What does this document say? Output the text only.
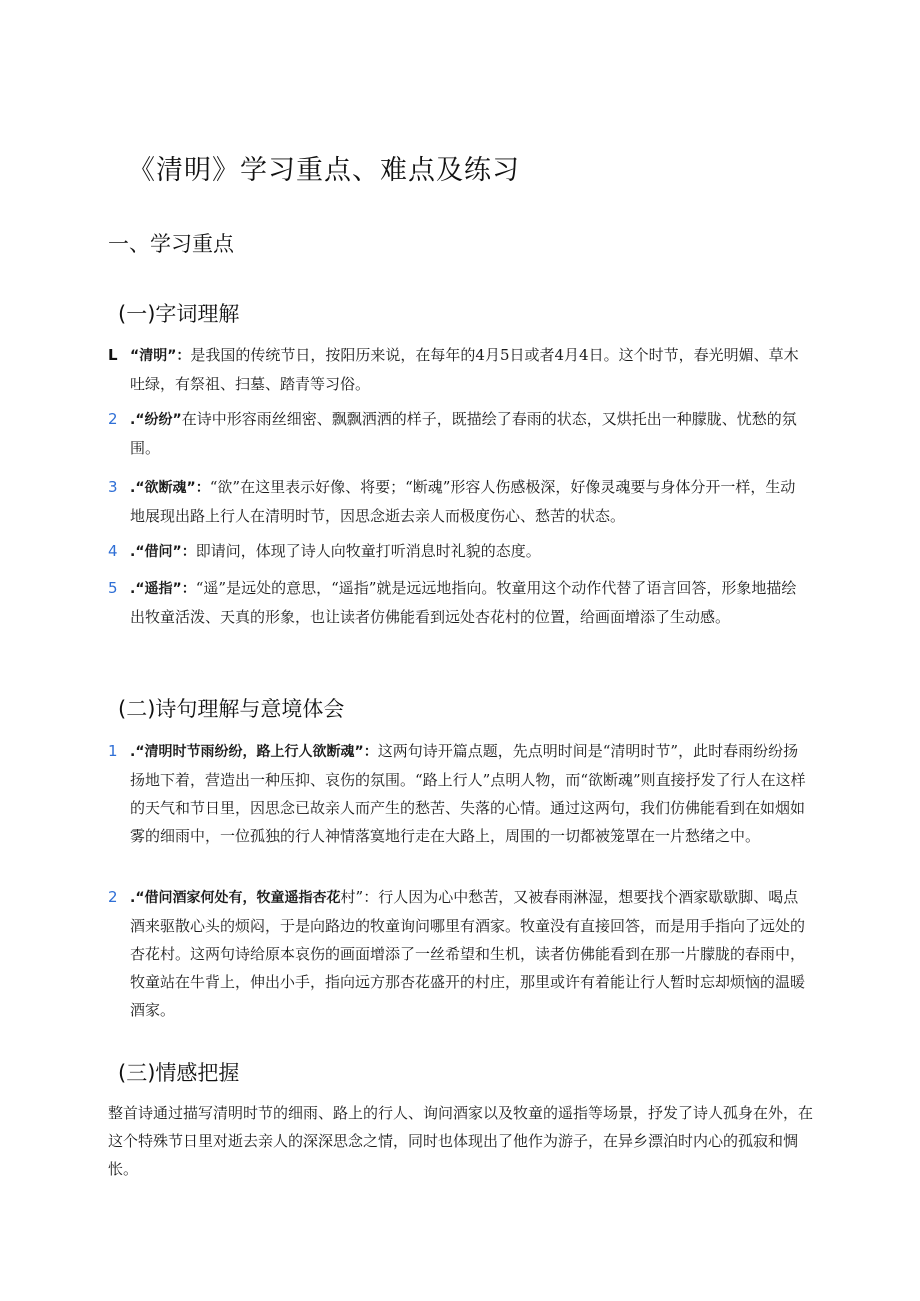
《清明》学习重点、难点及练习
一、学习重点
(一)字词理解
L “清明”：是我国的传统节日，按阳历来说，在每年的4月5日或者4月4日。这个时节，春光明媚、草木吐绿，有祭祖、扫墓、踏青等习俗。
2 .“纷纷”在诗中形容雨丝细密、飘飘洒洒的样子，既描绘了春雨的状态，又烘托出一种朦胧、忧愁的氛围。
3 .“欲断魂”：“欲”在这里表示好像、将要；“断魂”形容人伤感极深，好像灵魂要与身体分开一样，生动地展现出路上行人在清明时节，因思念逝去亲人而极度伤心、愁苦的状态。
4 .“借问”：即请问，体现了诗人向牧童打听消息时礼貌的态度。
5 .“遥指”：“遥”是远处的意思，“遥指”就是远远地指向。牧童用这个动作代替了语言回答，形象地描绘出牧童活泼、天真的形象，也让读者仿佛能看到远处杏花村的位置，给画面增添了生动感。
(二)诗句理解与意境体会
1 .“清明时节雨纷纷，路上行人欲断魂”：这两句诗开篇点题，先点明时间是“清明时节”，此时春雨纷纷扬扬地下着，营造出一种压抑、哀伤的氛围。“路上行人”点明人物，而“欲断魂”则直接抒发了行人在这样的天气和节日里，因思念已故亲人而产生的愁苦、失落的心情。通过这两句，我们仿佛能看到在如烟如雾的细雨中，一位孤独的行人神情落寞地行走在大路上，周围的一切都被笼罩在一片愁绪之中。
2 .“借问酒家何处有，牧童遥指杏花村”：行人因为心中愁苦，又被春雨淋湿，想要找个酒家歇歇脚、喝点酒来驱散心头的烦闷，于是向路边的牧童询问哪里有酒家。牧童没有直接回答，而是用手指向了远处的杏花村。这两句诗给原本哀伤的画面增添了一丝希望和生机，读者仿佛能看到在那一片朦胧的春雨中，牧童站在牛背上，伸出小手，指向远方那杏花盛开的村庄，那里或许有着能让行人暂时忘却烦恼的温暖酒家。
(三)情感把握

整首诗通过描写清明时节的细雨、路上的行人、询问酒家以及牧童的遥指等场景，抒发了诗人孤身在外，在这个特殊节日里对逝去亲人的深深思念之情，同时也体现出了他作为游子，在异乡漂泊时内心的孤寂和惆怅。
